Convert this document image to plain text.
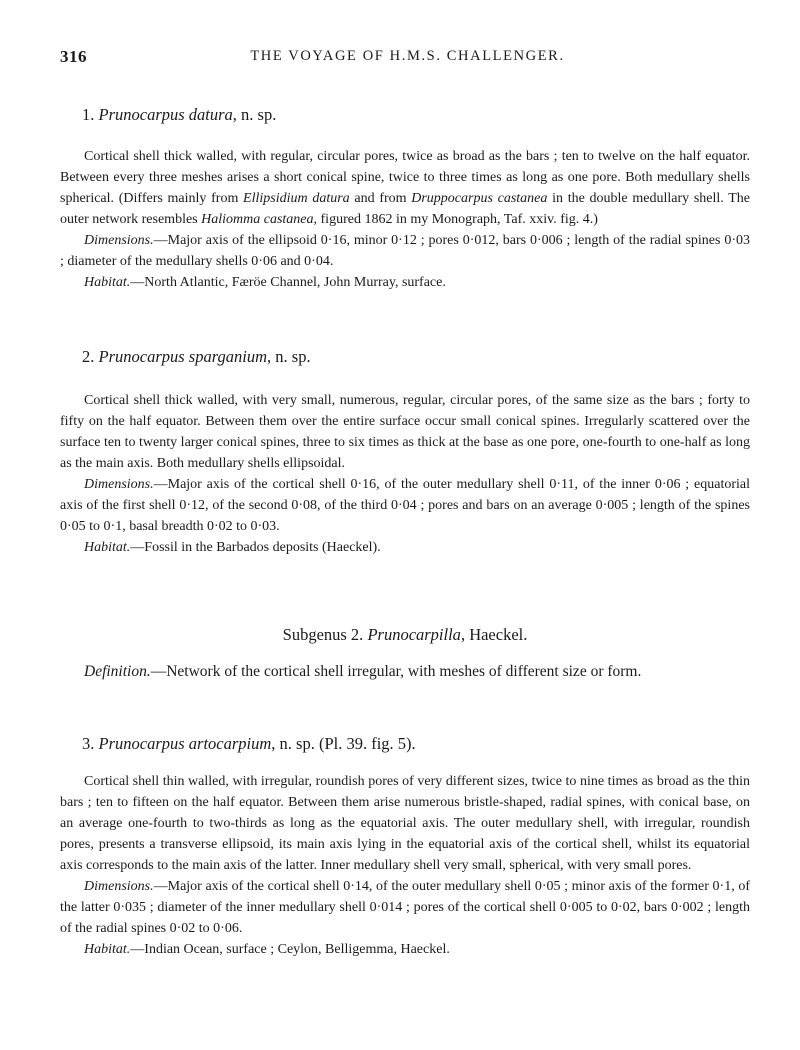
316	THE VOYAGE OF H.M.S. CHALLENGER.

1. Prunocarpus datura, n. sp.

Cortical shell thick walled, with regular, circular pores, twice as broad as the bars ; ten to twelve on the half equator. Between every three meshes arises a short conical spine, twice to three times as long as one pore. Both medullary shells spherical. (Differs mainly from Ellipsidium datura and from Druppocarpus castanea in the double medullary shell. The outer network resembles Haliomma castanea, figured 1862 in my Monograph, Taf. xxiv. fig. 4.)

Dimensions.—Major axis of the ellipsoid 0·16, minor 0·12 ; pores 0·012, bars 0·006 ; length of the radial spines 0·03 ; diameter of the medullary shells 0·06 and 0·04.

Habitat.—North Atlantic, Færöe Channel, John Murray, surface.

2. Prunocarpus sparganium, n. sp.

Cortical shell thick walled, with very small, numerous, regular, circular pores, of the same size as the bars ; forty to fifty on the half equator. Between them over the entire surface occur small conical spines. Irregularly scattered over the surface ten to twenty larger conical spines, three to six times as thick at the base as one pore, one-fourth to one-half as long as the main axis. Both medullary shells ellipsoidal.

Dimensions.—Major axis of the cortical shell 0·16, of the outer medullary shell 0·11, of the inner 0·06 ; equatorial axis of the first shell 0·12, of the second 0·08, of the third 0·04 ; pores and bars on an average 0·005 ; length of the spines 0·05 to 0·1, basal breadth 0·02 to 0·03.

Habitat.—Fossil in the Barbados deposits (Haeckel).

Subgenus 2. Prunocarpilla, Haeckel.

Definition.—Network of the cortical shell irregular, with meshes of different size or form.

3. Prunocarpus artocarpium, n. sp. (Pl. 39. fig. 5).

Cortical shell thin walled, with irregular, roundish pores of very different sizes, twice to nine times as broad as the thin bars ; ten to fifteen on the half equator. Between them arise numerous bristle-shaped, radial spines, with conical base, on an average one-fourth to two-thirds as long as the equatorial axis. The outer medullary shell, with irregular, roundish pores, presents a transverse ellipsoid, its main axis lying in the equatorial axis of the cortical shell, whilst its equatorial axis corresponds to the main axis of the latter. Inner medullary shell very small, spherical, with very small pores.

Dimensions.—Major axis of the cortical shell 0·14, of the outer medullary shell 0·05 ; minor axis of the former 0·1, of the latter 0·035 ; diameter of the inner medullary shell 0·014 ; pores of the cortical shell 0·005 to 0·02, bars 0·002 ; length of the radial spines 0·02 to 0·06.

Habitat.—Indian Ocean, surface ; Ceylon, Belligemma, Haeckel.
